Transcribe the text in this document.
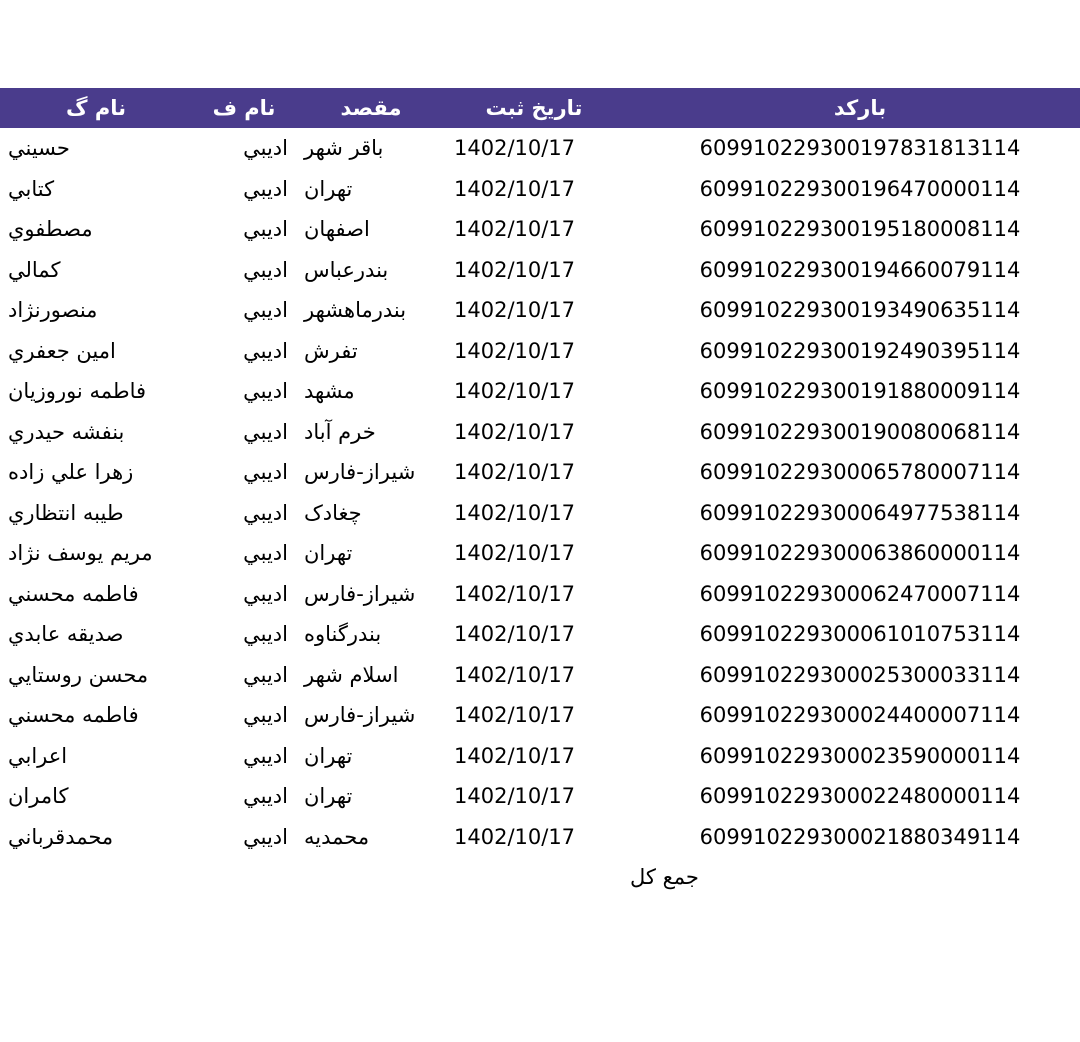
	بارکد	تاریخ ثبت	مقصد	نام ف	نام گ
	609910229300197831813114	1402/10/17	باقر شهر	ادیبي	حسیني
	609910229300196470000114	1402/10/17	تهران	ادیبي	کتابي
	609910229300195180008114	1402/10/17	اصفهان	ادیبي	مصطفوي
	609910229300194660079114	1402/10/17	بندرعباس	ادیبي	کمالي
	609910229300193490635114	1402/10/17	بندرماهشهر	ادیبي	منصورنژاد
	609910229300192490395114	1402/10/17	تفرش	ادیبي	امین جعفري
	609910229300191880009114	1402/10/17	مشهد	ادیبي	فاطمه نوروزیان
	609910229300190080068114	1402/10/17	خرم آباد	ادیبي	بنفشه حیدري
	609910229300065780007114	1402/10/17	شیراز-فارس	ادیبي	زهرا علي زاده
	609910229300064977538114	1402/10/17	چغادک	ادیبي	طیبه انتظاري
	609910229300063860000114	1402/10/17	تهران	ادیبي	مریم یوسف نژاد
	609910229300062470007114	1402/10/17	شیراز-فارس	ادیبي	فاطمه محسني
	609910229300061010753114	1402/10/17	بندرگناوه	ادیبي	صدیقه عابدي
	609910229300025300033114	1402/10/17	اسلام شهر	ادیبي	محسن روستایي
	609910229300024400007114	1402/10/17	شیراز-فارس	ادیبي	فاطمه محسني
	609910229300023590000114	1402/10/17	تهران	ادیبي	اعرابي
	609910229300022480000114	1402/10/17	تهران	ادیبي	کامران
	609910229300021880349114	1402/10/17	محمدیه	ادیبي	محمدقرباني
	جمع کل				
